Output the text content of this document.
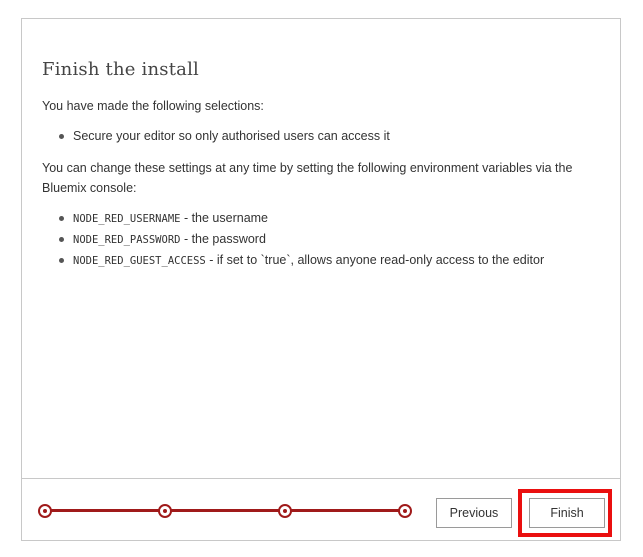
Finish the install

You have made the following selections:

Secure your editor so only authorised users can access it

You can change these settings at any time by setting the following environment variables via the Bluemix console:

NODE_RED_USERNAME - the username
NODE_RED_PASSWORD - the password
NODE_RED_GUEST_ACCESS - if set to `true`, allows anyone read-only access to the editor
Previous	Finish
